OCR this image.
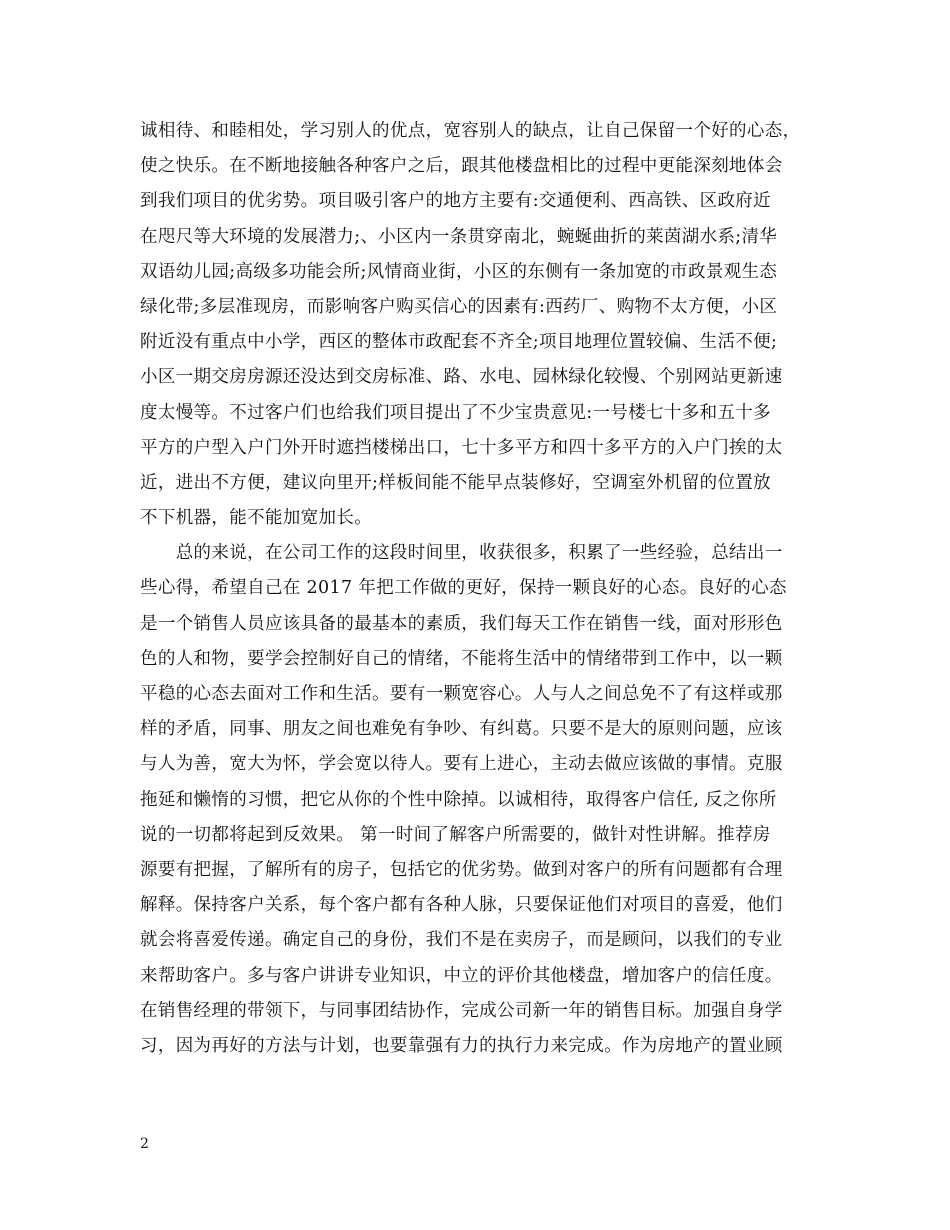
诚相待、和睦相处，学习别人的优点，宽容别人的缺点，让自己保留一个好的心态，
使之快乐。在不断地接触各种客户之后，跟其他楼盘相比的过程中更能深刻地体会
到我们项目的优劣势。项目吸引客户的地方主要有:交通便利、西高铁、区政府近
在咫尺等大环境的发展潜力;、小区内一条贯穿南北，蜿蜒曲折的莱茵湖水系;清华
双语幼儿园;高级多功能会所;风情商业街，小区的东侧有一条加宽的市政景观生态
绿化带;多层准现房，而影响客户购买信心的因素有:西药厂、购物不太方便，小区
附近没有重点中小学，西区的整体市政配套不齐全;项目地理位置较偏、生活不便;
小区一期交房房源还没达到交房标准、路、水电、园林绿化较慢、个别网站更新速
度太慢等。不过客户们也给我们项目提出了不少宝贵意见:一号楼七十多和五十多
平方的户型入户门外开时遮挡楼梯出口，七十多平方和四十多平方的入户门挨的太
近，进出不方便，建议向里开;样板间能不能早点装修好，空调室外机留的位置放
不下机器，能不能加宽加长。
　　总的来说，在公司工作的这段时间里，收获很多，积累了一些经验，总结出一
些心得，希望自己在 2017 年把工作做的更好，保持一颗良好的心态。良好的心态
是一个销售人员应该具备的最基本的素质，我们每天工作在销售一线，面对形形色
色的人和物，要学会控制好自己的情绪，不能将生活中的情绪带到工作中，以一颗
平稳的心态去面对工作和生活。要有一颗宽容心。人与人之间总免不了有这样或那
样的矛盾，同事、朋友之间也难免有争吵、有纠葛。只要不是大的原则问题，应该
与人为善，宽大为怀，学会宽以待人。要有上进心，主动去做应该做的事情。克服
拖延和懒惰的习惯，把它从你的个性中除掉。以诚相待，取得客户信任, 反之你所
说的一切都将起到反效果。 第一时间了解客户所需要的，做针对性讲解。推荐房
源要有把握，了解所有的房子，包括它的优劣势。做到对客户的所有问题都有合理
解释。保持客户关系，每个客户都有各种人脉，只要保证他们对项目的喜爱，他们
就会将喜爱传递。确定自己的身份，我们不是在卖房子，而是顾问，以我们的专业
来帮助客户。多与客户讲讲专业知识，中立的评价其他楼盘，增加客户的信任度。
在销售经理的带领下，与同事团结协作，完成公司新一年的销售目标。加强自身学
习，因为再好的方法与计划，也要靠强有力的执行力来完成。作为房地产的置业顾
2
